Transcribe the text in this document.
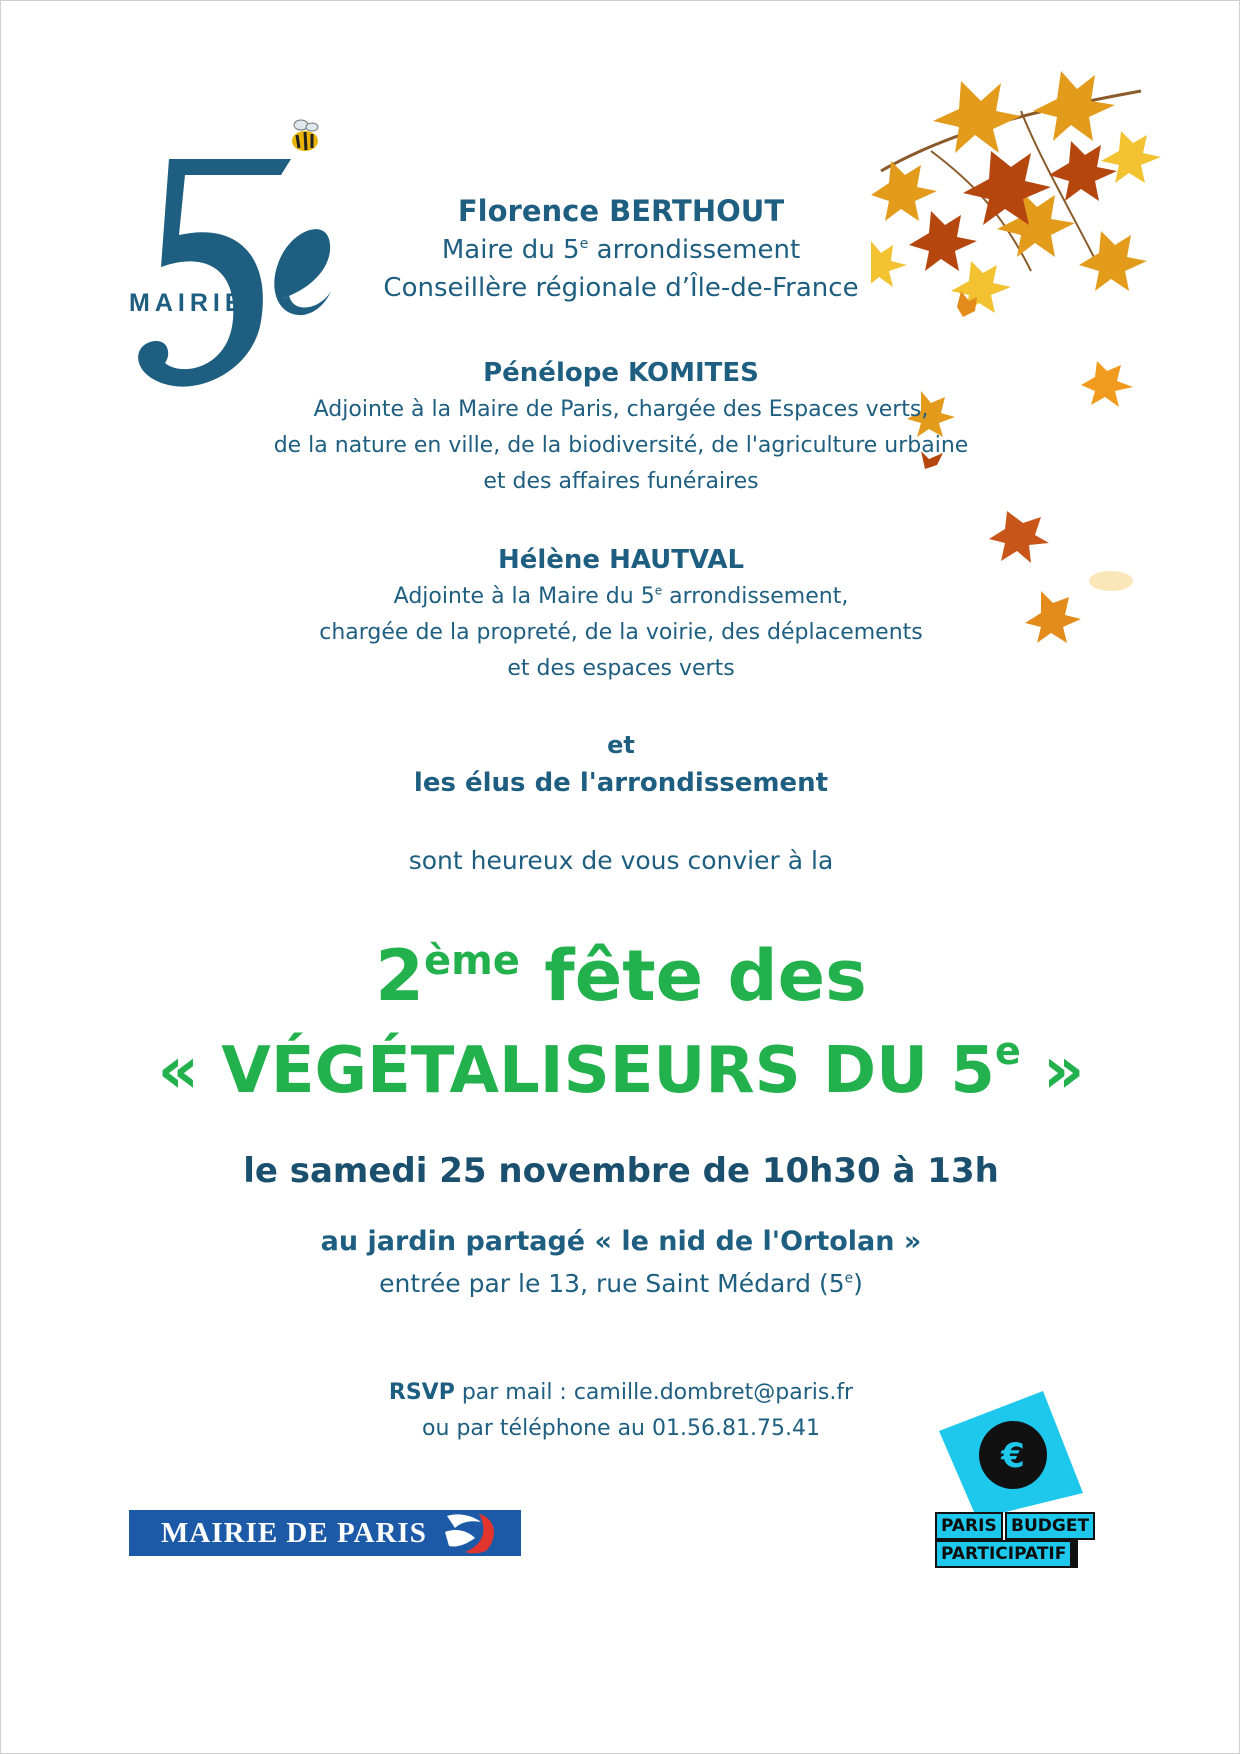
MAIRIE
Florence BERTHOUT
Maire du 5e arrondissement
Conseillère régionale d’Île-de-France
Pénélope KOMITES
Adjointe à la Maire de Paris, chargée des Espaces verts,
de la nature en ville, de la biodiversité, de l'agriculture urbaine
et des affaires funéraires
Hélène HAUTVAL
Adjointe à la Maire du 5e arrondissement,
chargée de la propreté, de la voirie, des déplacements
et des espaces verts
et
les élus de l'arrondissement
sont heureux de vous convier à la
2ème fête des
« VÉGÉTALISEURS DU 5e »
le samedi 25 novembre de 10h30 à 13h
au jardin partagé « le nid de l'Ortolan »
entrée par le 13, rue Saint Médard (5e)
RSVP par mail : camille.dombret@paris.fr
ou par téléphone au 01.56.81.75.41
MAIRIE DE PARIS
€
PARIS BUDGET
PARTICIPATIF
